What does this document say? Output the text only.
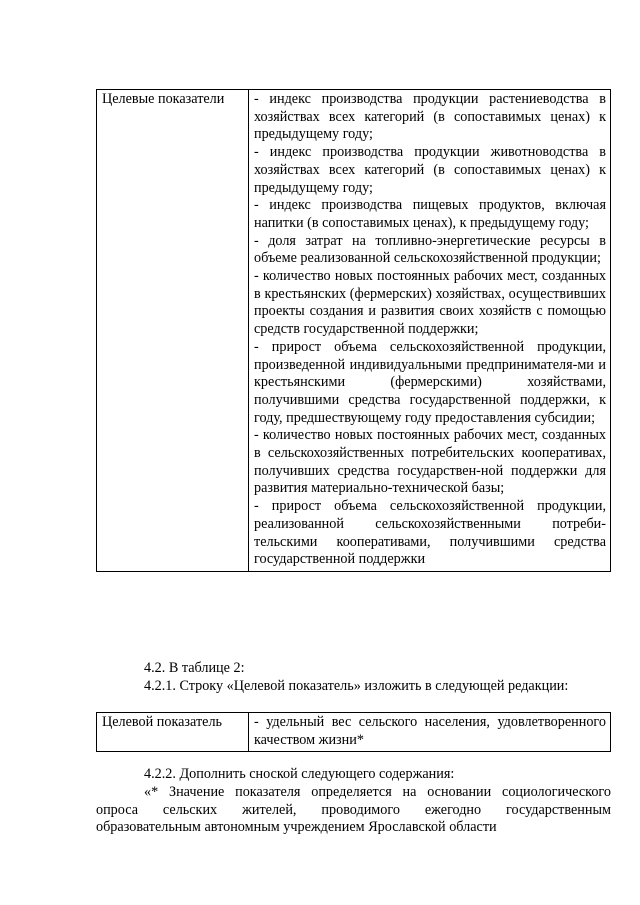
Целевые показатели	- индекс производства продукции растениеводства в хозяйствах всех категорий (в сопоставимых ценах) к предыдущему году;
- индекс производства продукции животноводства в хозяйствах всех категорий (в сопоставимых ценах) к предыдущему году;
- индекс производства пищевых продуктов, включая напитки (в сопоставимых ценах), к предыдущему году;
- доля затрат на топливно-энергетические ресурсы в объеме реализованной сельскохозяйственной продукции;
- количество новых постоянных рабочих мест, созданных в крестьянских (фермерских) хозяйствах, осуществивших проекты создания и развития своих хозяйств с помощью средств государственной поддержки;
- прирост объема сельскохозяйственной продукции, произведенной индивидуальными предпринимателя-ми и крестьянскими (фермерскими) хозяйствами, получившими средства государственной поддержки, к году, предшествующему году предоставления субсидии;
- количество новых постоянных рабочих мест, созданных в сельскохозяйственных потребительских кооперативах, получивших средства государствен-ной поддержки для развития материально-технической базы;
- прирост объема сельскохозяйственной продукции, реализованной сельскохозяйственными потреби-тельскими кооперативами, получившими средства государственной поддержки

4.2. В таблице 2:

4.2.1. Строку «Целевой показатель» изложить в следующей редакции:

Целевой показатель	- удельный вес сельского населения, удовлетворенного качеством жизни*

4.2.2. Дополнить сноской следующего содержания:

«* Значение показателя определяется на основании социологического опроса сельских жителей, проводимого ежегодно государственным образовательным автономным учреждением Ярославской области
